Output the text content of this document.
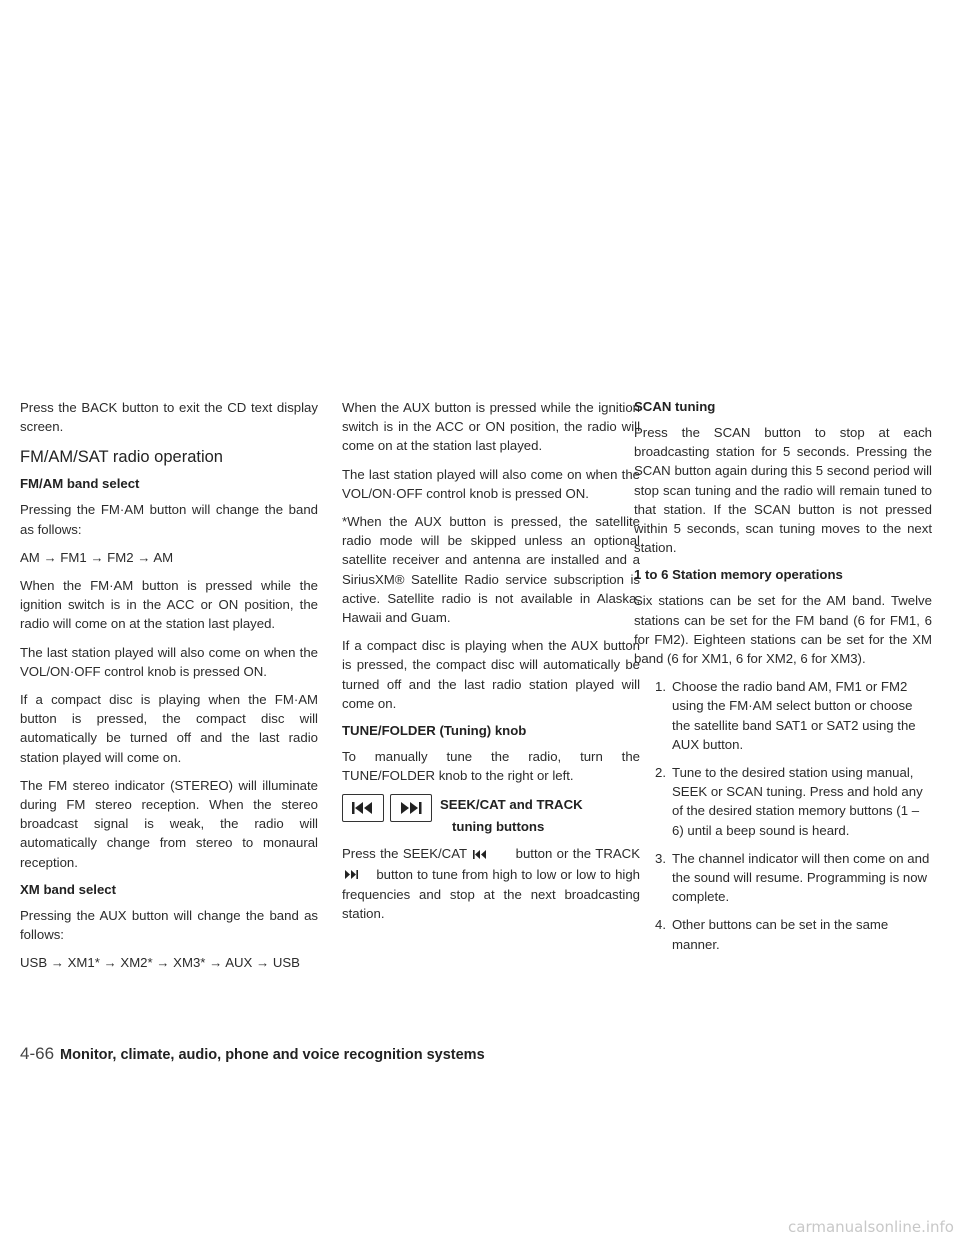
Press the BACK button to exit the CD text display screen.

FM/AM/SAT radio operation
FM/AM band select

Pressing the FM·AM button will change the band as follows:

AM → FM1 → FM2 → AM

When the FM·AM button is pressed while the ignition switch is in the ACC or ON position, the radio will come on at the station last played.

The last station played will also come on when the VOL/ON·OFF control knob is pressed ON.

If a compact disc is playing when the FM·AM button is pressed, the compact disc will automatically be turned off and the last radio station played will come on.

The FM stereo indicator (STEREO) will illuminate during FM stereo reception. When the stereo broadcast signal is weak, the radio will automatically change from stereo to monaural reception.

XM band select

Pressing the AUX button will change the band as follows:

USB → XM1* → XM2* → XM3* → AUX → USB

When the AUX button is pressed while the ignition switch is in the ACC or ON position, the radio will come on at the station last played.

The last station played will also come on when the VOL/ON·OFF control knob is pressed ON.

*When the AUX button is pressed, the satellite radio mode will be skipped unless an optional satellite receiver and antenna are installed and a SiriusXM® Satellite Radio service subscription is active. Satellite radio is not available in Alaska, Hawaii and Guam.

If a compact disc is playing when the AUX button is pressed, the compact disc will automatically be turned off and the last radio station played will come on.

TUNE/FOLDER (Tuning) knob

To manually tune the radio, turn the TUNE/FOLDER knob to the right or left.

SEEK/CAT and TRACK
tuning buttons

Press the SEEK/CAT	button or the TRACK     button to tune from high to low or low to high frequencies and stop at the next broadcasting station.

SCAN tuning

Press the SCAN button to stop at each broadcasting station for 5 seconds. Pressing the SCAN button again during this 5 second period will stop scan tuning and the radio will remain tuned to that station. If the SCAN button is not pressed within 5 seconds, scan tuning moves to the next station.

1 to 6 Station memory operations

Six stations can be set for the AM band. Twelve stations can be set for the FM band (6 for FM1, 6 for FM2). Eighteen stations can be set for the XM band (6 for XM1, 6 for XM2, 6 for XM3).

1. Choose the radio band AM, FM1 or FM2 using the FM·AM select button or choose the satellite band SAT1 or SAT2 using the AUX button.
2. Tune to the desired station using manual, SEEK or SCAN tuning. Press and hold any of the desired station memory buttons (1 – 6) until a beep sound is heard.
3. The channel indicator will then come on and the sound will resume. Programming is now complete.
4. Other buttons can be set in the same manner.
4-66 Monitor, climate, audio, phone and voice recognition systems
carmanualsonline.info
